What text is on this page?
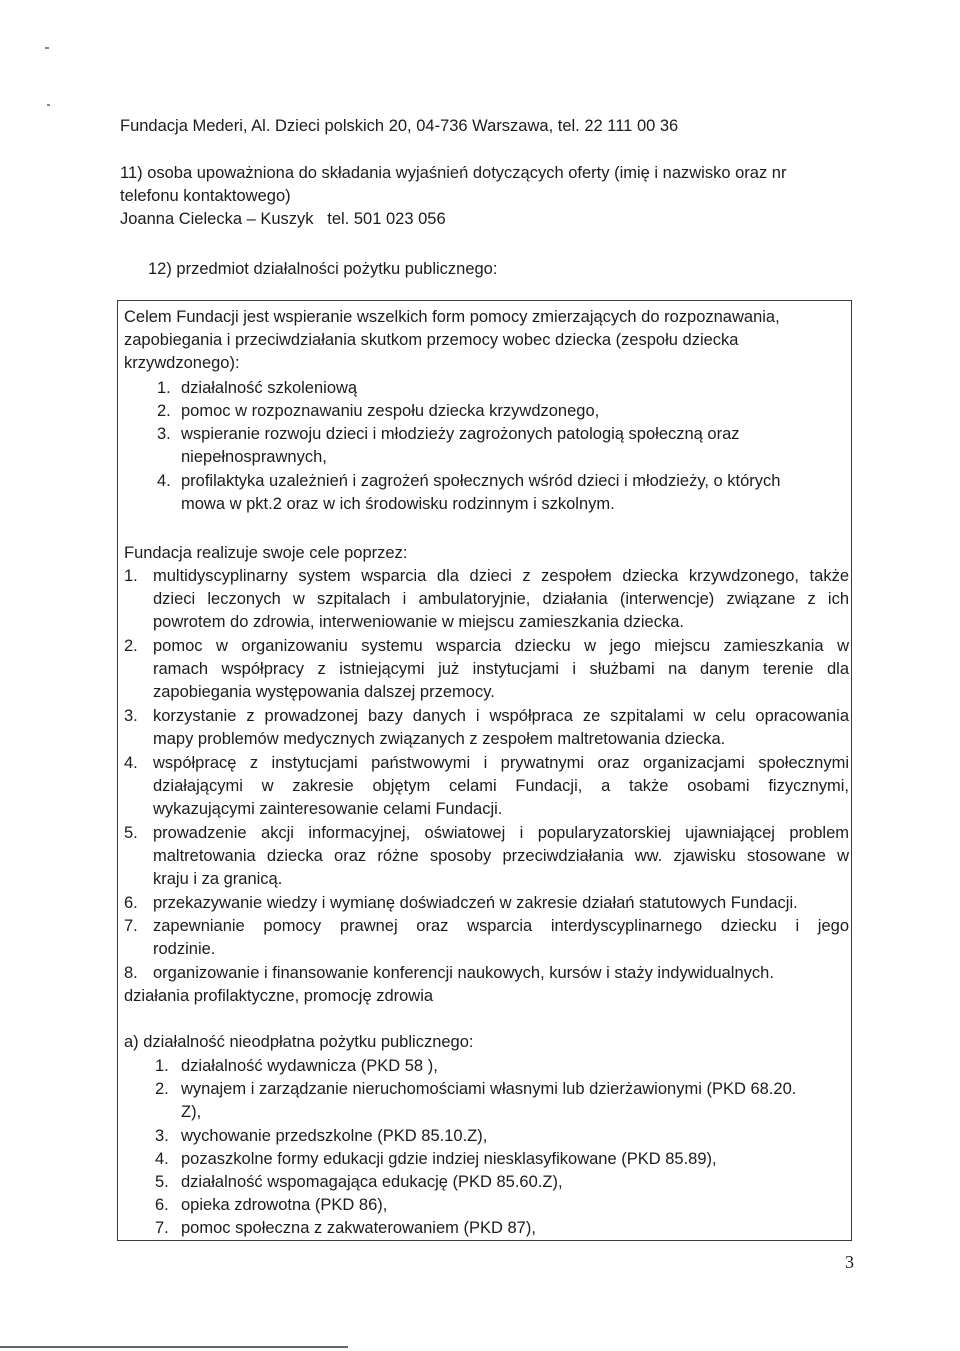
Fundacja Mederi, Al. Dzieci polskich 20, 04-736 Warszawa, tel. 22 111 00 36
11) osoba upoważniona do składania wyjaśnień dotyczących oferty (imię i nazwisko oraz nr
telefonu kontaktowego)
Joanna Cielecka – Kuszyk   tel. 501 023 056
12) przedmiot działalności pożytku publicznego:
Celem Fundacji jest wspieranie wszelkich form pomocy zmierzających do rozpoznawania,
zapobiegania i przeciwdziałania skutkom przemocy wobec dziecka (zespołu dziecka
krzywdzonego):
1. działalność szkoleniową
2. pomoc w rozpoznawaniu zespołu dziecka krzywdzonego,
3. wspieranie rozwoju dzieci i młodzieży zagrożonych patologią społeczną oraz
niepełnosprawnych,
4. profilaktyka uzależnień i zagrożeń społecznych wśród dzieci i młodzieży, o których
mowa w pkt.2 oraz w ich środowisku rodzinnym i szkolnym.
Fundacja realizuje swoje cele poprzez:
1. multidyscyplinarny system wsparcia dla dzieci z zespołem dziecka krzywdzonego, także
dzieci leczonych w szpitalach i ambulatoryjnie, działania (interwencje) związane z ich
powrotem do zdrowia, interweniowanie w miejscu zamieszkania dziecka.
2. pomoc w organizowaniu systemu wsparcia dziecku w jego miejscu zamieszkania w
ramach współpracy z istniejącymi już instytucjami i służbami na danym terenie dla
zapobiegania występowania dalszej przemocy.
3. korzystanie z prowadzonej bazy danych i współpraca ze szpitalami w celu opracowania
mapy problemów medycznych związanych z zespołem maltretowania dziecka.
4. współpracę z instytucjami państwowymi i prywatnymi oraz organizacjami społecznymi
działającymi w zakresie objętym celami Fundacji, a także osobami fizycznymi,
wykazującymi zainteresowanie celami Fundacji.
5. prowadzenie akcji informacyjnej, oświatowej i popularyzatorskiej ujawniającej problem
maltretowania dziecka oraz różne sposoby przeciwdziałania ww. zjawisku stosowane w
kraju i za granicą.
6. przekazywanie wiedzy i wymianę doświadczeń w zakresie działań statutowych Fundacji.
7. zapewnianie pomocy prawnej oraz wsparcia interdyscyplinarnego dziecku i jego
rodzinie.
8. organizowanie i finansowanie konferencji naukowych, kursów i staży indywidualnych.
działania profilaktyczne, promocję zdrowia
a) działalność nieodpłatna pożytku publicznego:
1. działalność wydawnicza (PKD 58 ),
2. wynajem i zarządzanie nieruchomościami własnymi lub dzierżawionymi (PKD 68.20.
Z),
3. wychowanie przedszkolne (PKD 85.10.Z),
4. pozaszkolne formy edukacji gdzie indziej niesklasyfikowane (PKD 85.89),
5. działalność wspomagająca edukację (PKD 85.60.Z),
6. opieka zdrowotna (PKD 86),
7. pomoc społeczna z zakwaterowaniem (PKD 87),
3
